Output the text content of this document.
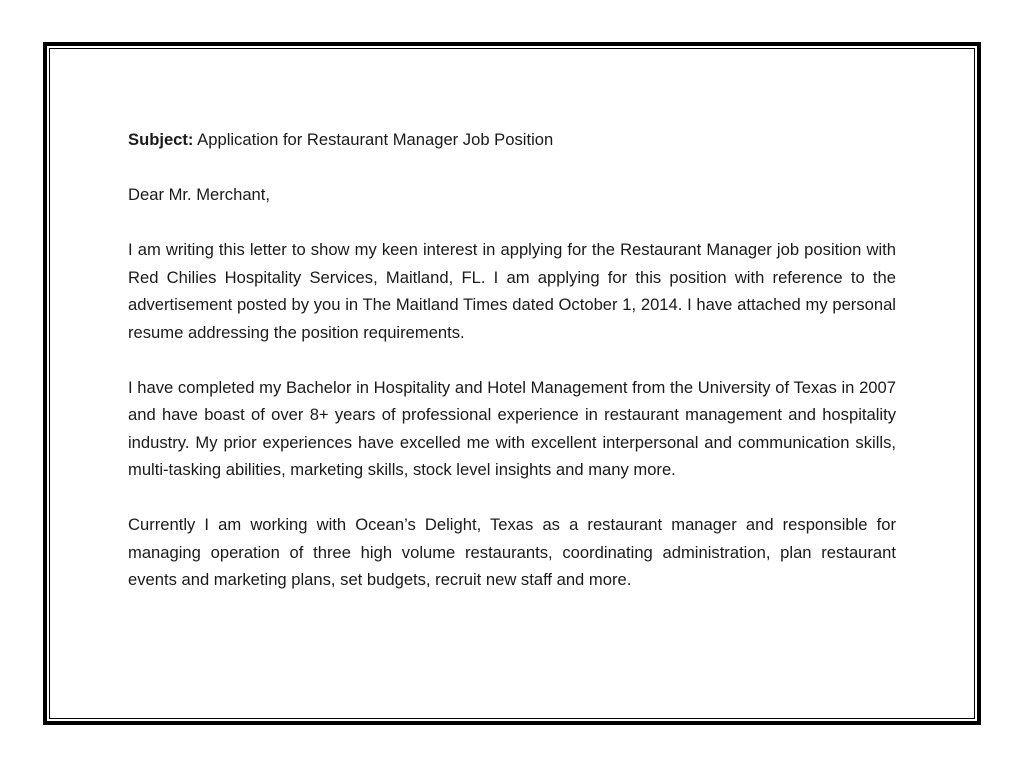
Subject: Application for Restaurant Manager Job Position

Dear Mr. Merchant,

I am writing this letter to show my keen interest in applying for the Restaurant Manager job position with Red Chilies Hospitality Services, Maitland, FL. I am applying for this position with reference to the advertisement posted by you in The Maitland Times dated October 1, 2014. I have attached my personal resume addressing the position requirements.

I have completed my Bachelor in Hospitality and Hotel Management from the University of Texas in 2007 and have boast of over 8+ years of professional experience in restaurant management and hospitality industry. My prior experiences have excelled me with excellent interpersonal and communication skills, multi-tasking abilities, marketing skills, stock level insights and many more.

Currently I am working with Ocean’s Delight, Texas as a restaurant manager and responsible for managing operation of three high volume restaurants, coordinating administration, plan restaurant events and marketing plans, set budgets, recruit new staff and more.
